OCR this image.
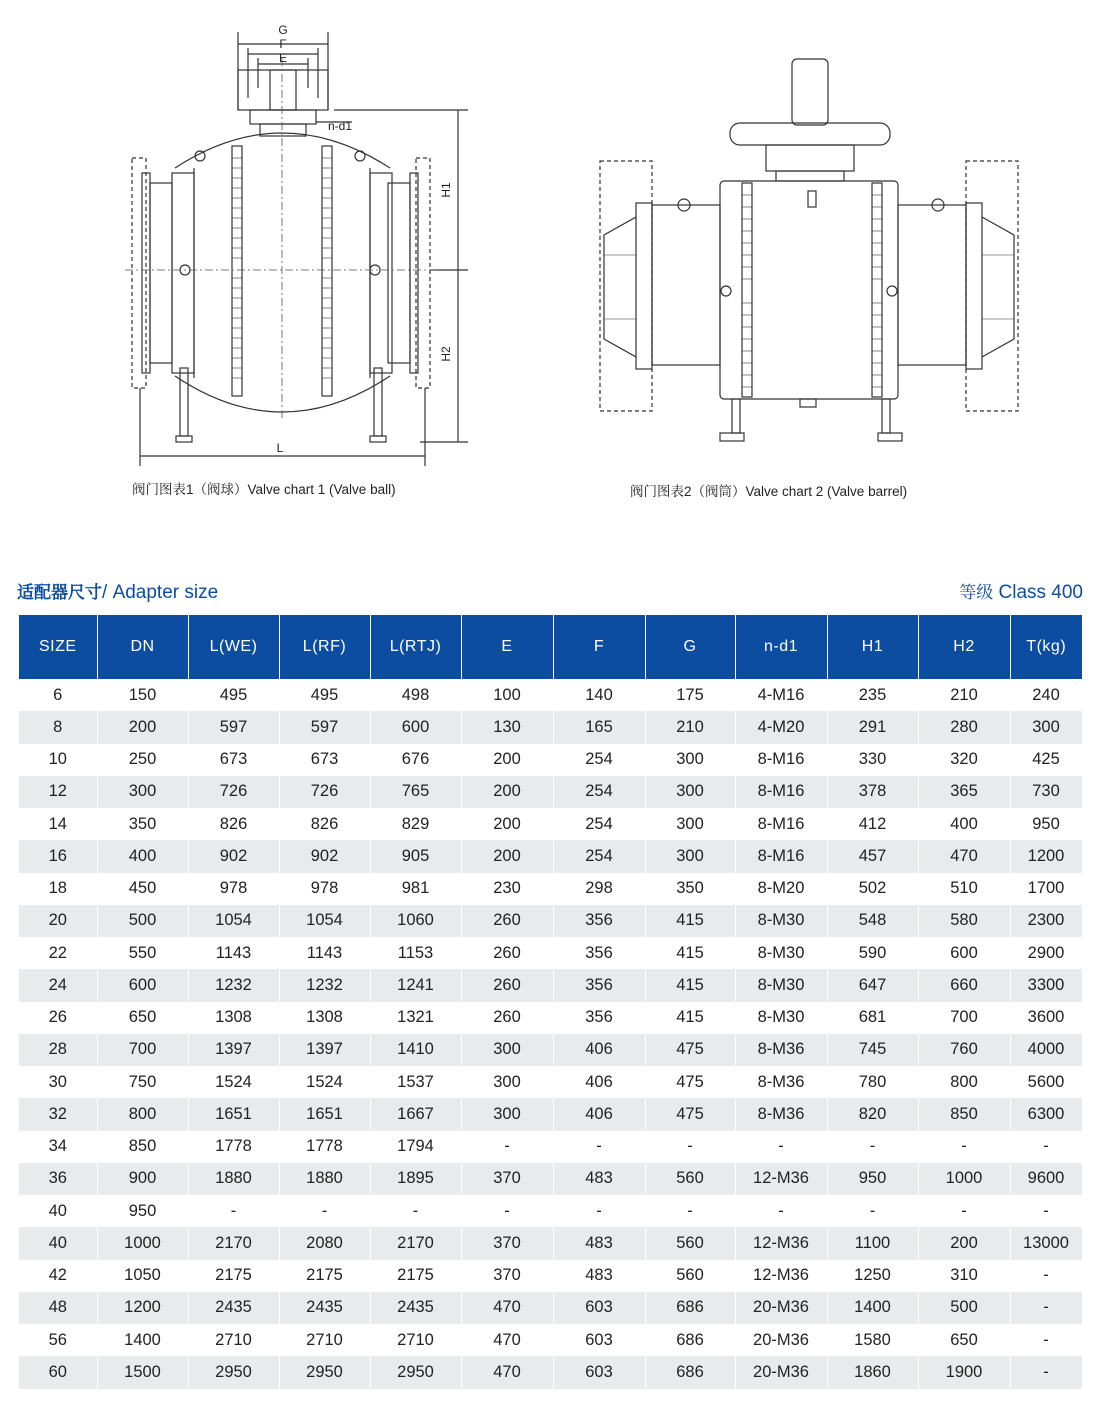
G
F
E
n-d1
H1
H2
L
阀门图表1（阀球）Valve chart 1 (Valve ball)	阀门图表2（阀筒）Valve chart 2 (Valve barrel)
适配器尺寸/ Adapter size	等级 Class 400
SIZE	DN	L(WE)	L(RF)	L(RTJ)	E	F	G	n-d1	H1	H2	T(kg)
6	150	495	495	498	100	140	175	4-M16	235	210	240
8	200	597	597	600	130	165	210	4-M20	291	280	300
10	250	673	673	676	200	254	300	8-M16	330	320	425
12	300	726	726	765	200	254	300	8-M16	378	365	730
14	350	826	826	829	200	254	300	8-M16	412	400	950
16	400	902	902	905	200	254	300	8-M16	457	470	1200
18	450	978	978	981	230	298	350	8-M20	502	510	1700
20	500	1054	1054	1060	260	356	415	8-M30	548	580	2300
22	550	1143	1143	1153	260	356	415	8-M30	590	600	2900
24	600	1232	1232	1241	260	356	415	8-M30	647	660	3300
26	650	1308	1308	1321	260	356	415	8-M30	681	700	3600
28	700	1397	1397	1410	300	406	475	8-M36	745	760	4000
30	750	1524	1524	1537	300	406	475	8-M36	780	800	5600
32	800	1651	1651	1667	300	406	475	8-M36	820	850	6300
34	850	1778	1778	1794	-	-	-	-	-	-	-
36	900	1880	1880	1895	370	483	560	12-M36	950	1000	9600
40	950	-	-	-	-	-	-	-	-	-	-
40	1000	2170	2080	2170	370	483	560	12-M36	1100	200	13000
42	1050	2175	2175	2175	370	483	560	12-M36	1250	310	-
48	1200	2435	2435	2435	470	603	686	20-M36	1400	500	-
56	1400	2710	2710	2710	470	603	686	20-M36	1580	650	-
60	1500	2950	2950	2950	470	603	686	20-M36	1860	1900	-
